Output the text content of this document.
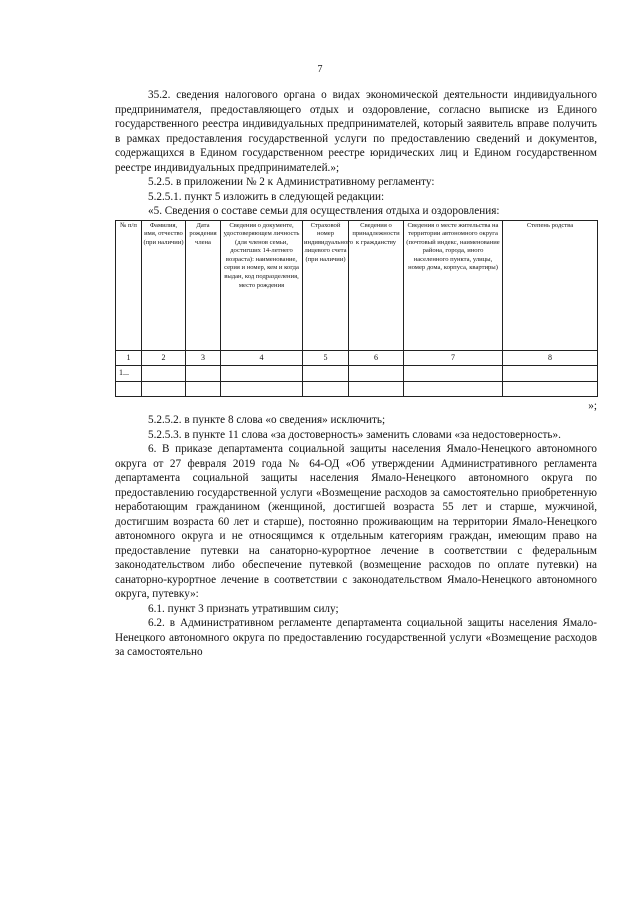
7

35.2. сведения налогового органа о видах экономической деятельности индивидуального предпринимателя, предоставляющего отдых и оздоровление, согласно выписке из Единого государственного реестра индивидуальных предпринимателей, который заявитель вправе получить в рамках предоставления государственной услуги по предоставлению сведений и документов, содержащихся в Едином государственном реестре юридических лиц и Едином государственном реестре индивидуальных предпринимателей.»;

5.2.5. в приложении № 2 к Административному регламенту:

5.2.5.1. пункт 5 изложить в следующей редакции:

«5. Сведения о составе семьи для осуществления отдыха и оздоровления:

№ п/п	Фамилия, имя, отчество (при наличии)	Дата рождения члена	Сведения о документе, удостоверяющем личность (для членов семьи, достигших 14-летнего возраста): наименование, серия и номер, кем и когда выдан, код подразделения, место рождения	Страховой номер индивидуального лицевого счета (при наличии)	Сведения о принадлежности к гражданству	Сведения о месте жительства на территории автономного округа (почтовый индекс, наименование района, города, иного населенного пункта, улицы, номер дома, корпуса, квартиры)	Степень родства
1	2	3	4	5	6	7	8
1...							

»;

5.2.5.2. в пункте 8 слова «о сведения» исключить;

5.2.5.3. в пункте 11 слова «за достоверность» заменить словами «за недостоверность».

6. В приказе департамента социальной защиты населения Ямало-Ненецкого автономного округа от 27 февраля 2019 года № 64-ОД «Об утверждении Административного регламента департамента социальной защиты населения Ямало-Ненецкого автономного округа по предоставлению государственной услуги «Возмещение расходов за самостоятельно приобретенную неработающим гражданином (женщиной, достигшей возраста 55 лет и старше, мужчиной, достигшим возраста 60 лет и старше), постоянно проживающим на территории Ямало-Ненецкого автономного округа и не относящимся к отдельным категориям граждан, имеющим право на предоставление путевки на санаторно-курортное лечение в соответствии с федеральным законодательством либо обеспечение путевкой (возмещение расходов по оплате путевки) на санаторно-курортное лечение в соответствии с законодательством Ямало-Ненецкого автономного округа, путевку»:

6.1. пункт 3 признать утратившим силу;

6.2. в Административном регламенте департамента социальной защиты населения Ямало-Ненецкого автономного округа по предоставлению государственной услуги «Возмещение расходов за самостоятельно
